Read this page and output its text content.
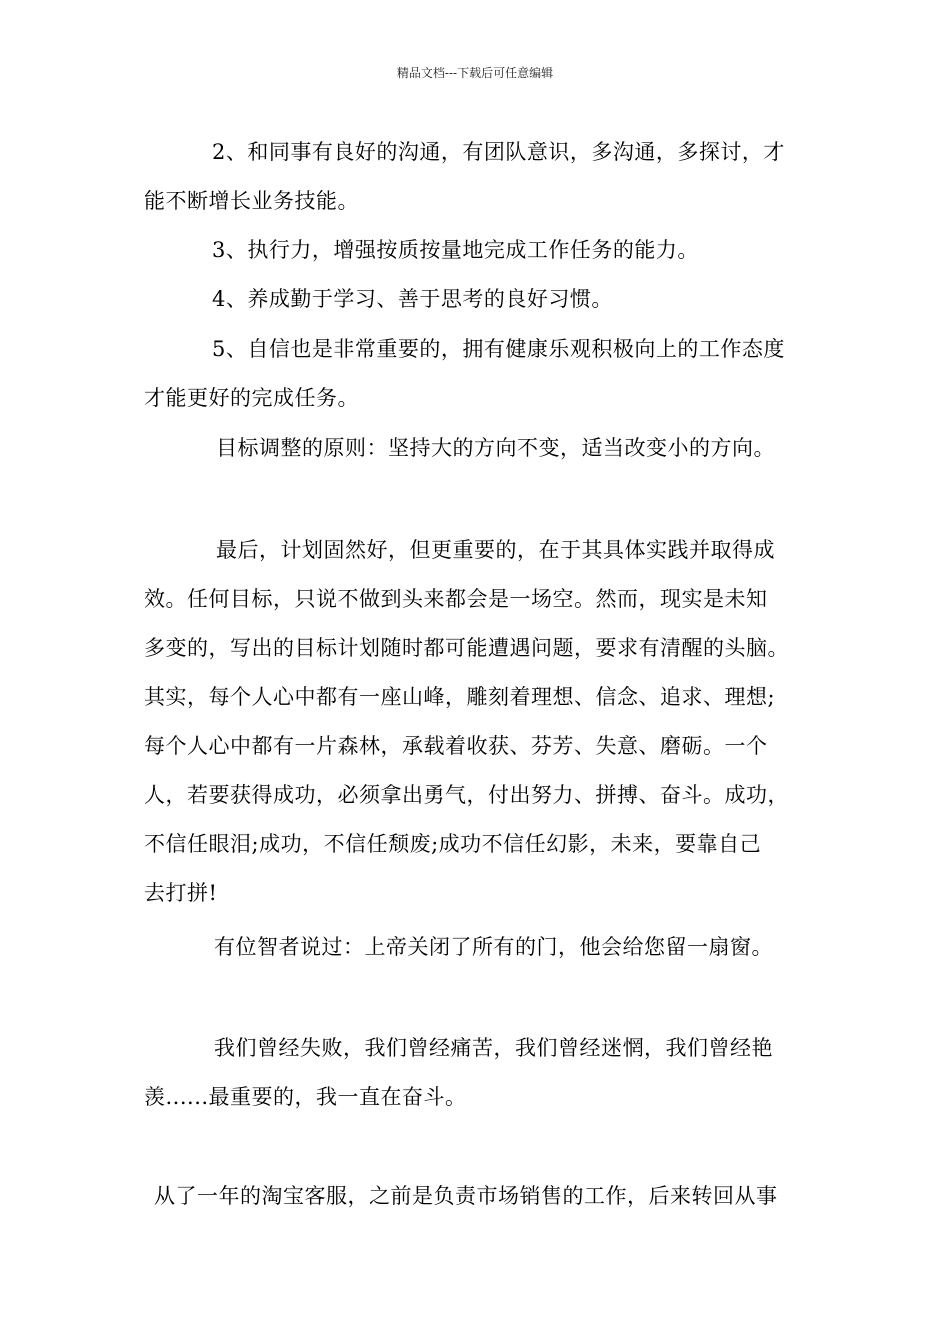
精品文档---下载后可任意编辑
2、和同事有良好的沟通，有团队意识，多沟通，多探讨，才
能不断增长业务技能。
3、执行力，增强按质按量地完成工作任务的能力。
4、养成勤于学习、善于思考的良好习惯。
5、自信也是非常重要的，拥有健康乐观积极向上的工作态度
才能更好的完成任务。
目标调整的原则：坚持大的方向不变，适当改变小的方向。
最后，计划固然好，但更重要的，在于其具体实践并取得成
效。任何目标，只说不做到头来都会是一场空。然而，现实是未知
多变的，写出的目标计划随时都可能遭遇问题，要求有清醒的头脑。
其实，每个人心中都有一座山峰，雕刻着理想、信念、追求、理想;
每个人心中都有一片森林，承载着收获、芬芳、失意、磨砺。一个
人，若要获得成功，必须拿出勇气，付出努力、拼搏、奋斗。成功，
不信任眼泪;成功，不信任颓废;成功不信任幻影，未来，要靠自己
去打拼!
有位智者说过：上帝关闭了所有的门，他会给您留一扇窗。
我们曾经失败，我们曾经痛苦，我们曾经迷惘，我们曾经艳
羡......最重要的，我一直在奋斗。
从了一年的淘宝客服，之前是负责市场销售的工作，后来转回从事
